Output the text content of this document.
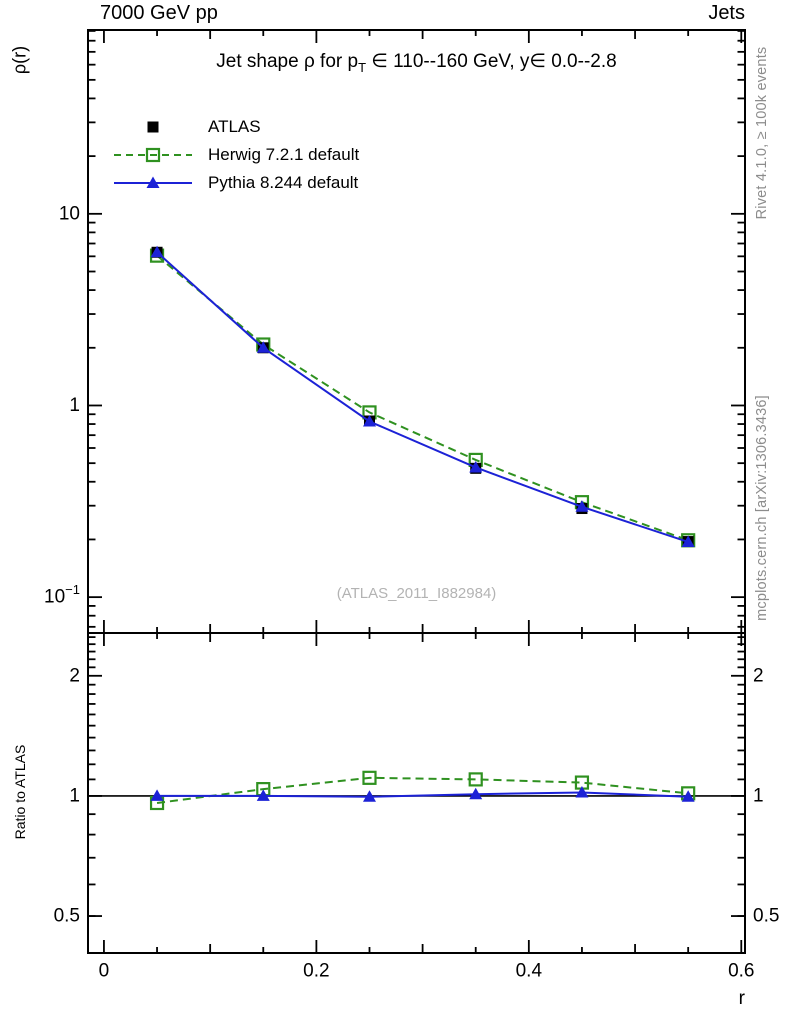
7000 GeV pp	Jets
ρ(r)	Rivet 4.1.0, ≥ 100k events
mcplots.cern.ch [arXiv:1306.3436]
Jet shape ρ for $p_T$ ∈ 110--160 GeV, y∈ 0.0--2.8
ATLAS
Herwig 7.2.1 default
Pythia 8.244 default
(ATLAS_2011_I882984)
Ratio to ATLAS
r
0	0.2	0.4	0.6
10
1
$10^{-1}$
2	2
1	1
0.5	0.5
